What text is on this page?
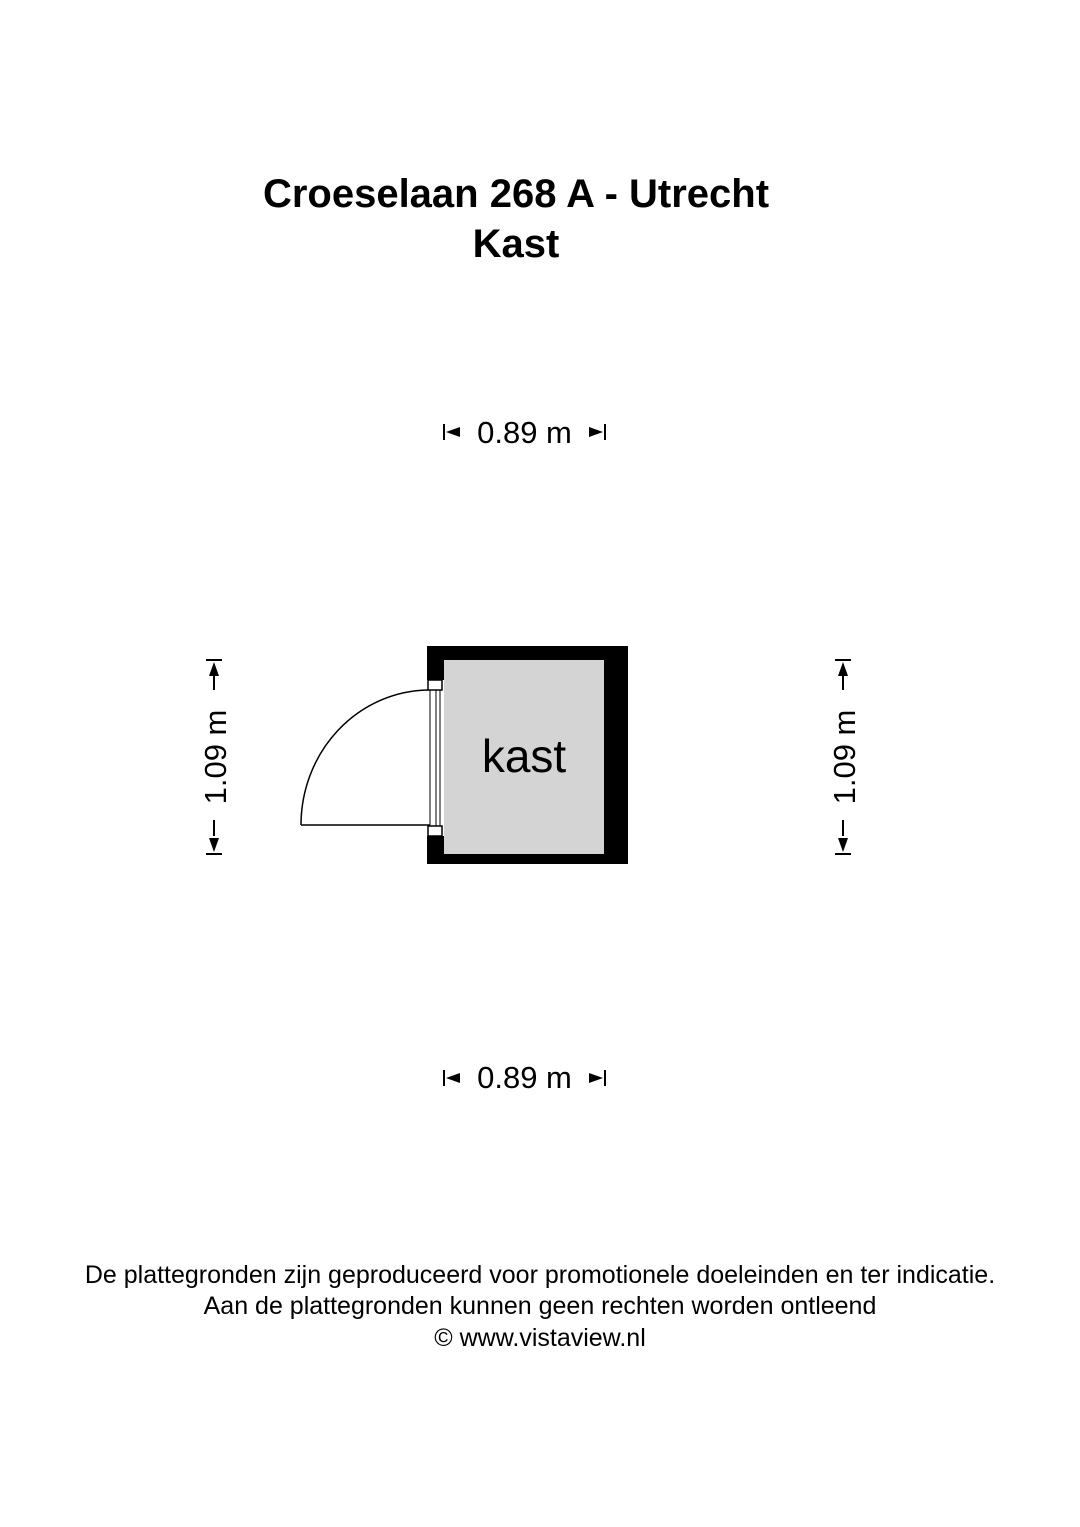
Croeselaan 268 A - Utrecht
Kast
kast
0.89 m
0.89 m
1.09 m	1.09 m
De plattegronden zijn geproduceerd voor promotionele doeleinden en ter indicatie.
Aan de plattegronden kunnen geen rechten worden ontleend
© www.vistaview.nl
